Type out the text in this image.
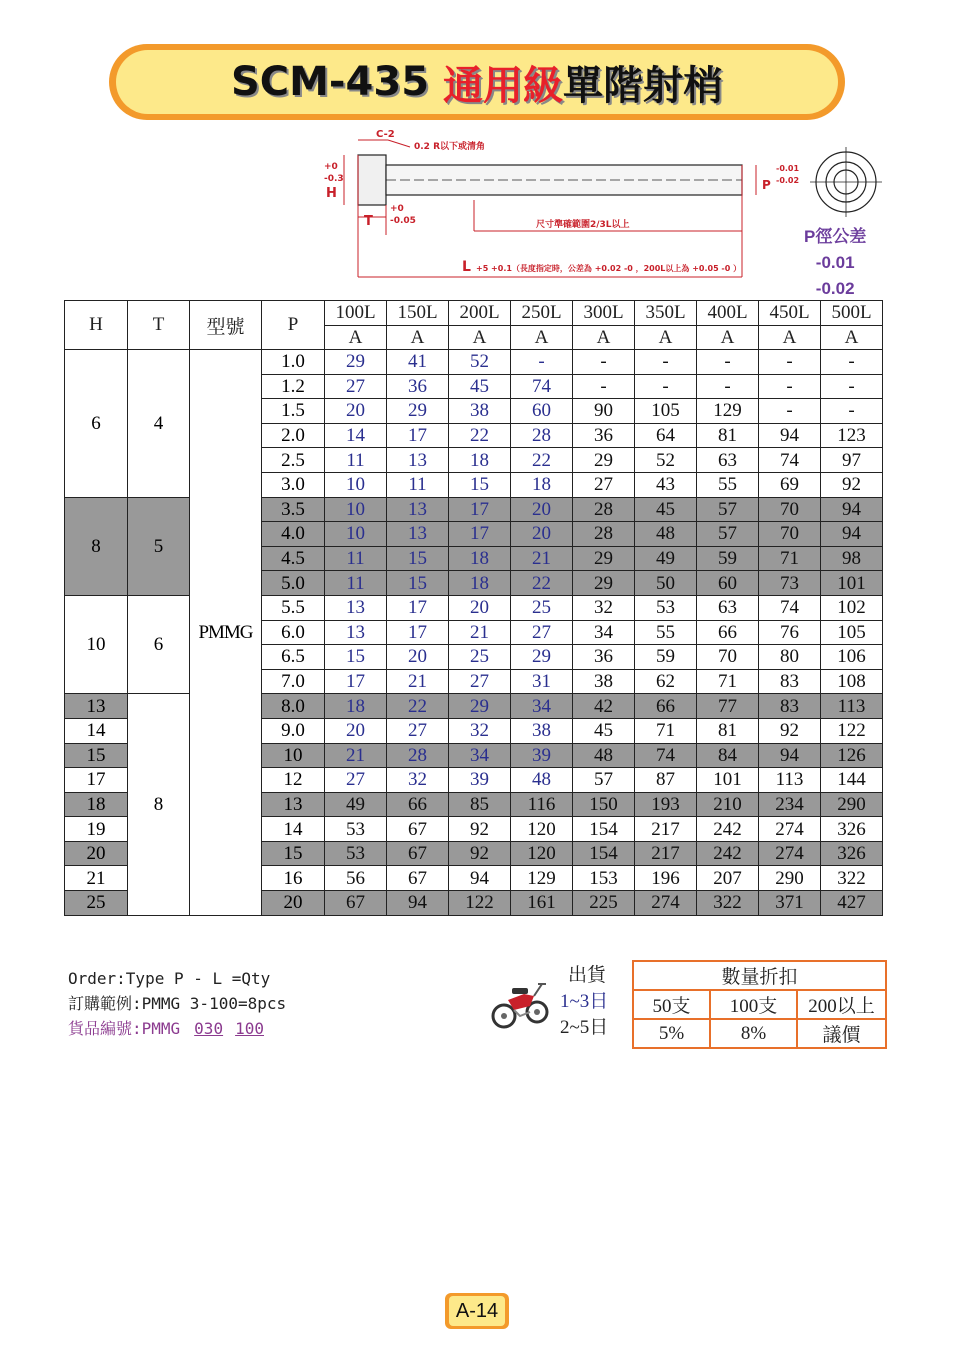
SCM-435 通用級 單階射梢
C-2
0.2 R以下或清角
+0
-0.3
H
T
+0
-0.05	尺寸準確範圍2/3L以上
L +5 +0.1（長度指定時，公差為 +0.02 -0 ，200L以上為 +0.05 -0 ）
P
-0.01
-0.02
P徑公差
-0.01
-0.02
H	T	型號	P	100L	150L	200L	250L	300L	350L	400L	450L	500L
				A	A	A	A	A	A	A	A	A
6	4	PMMG	1.0	29	41	52	-	-	-	-	-	-
			1.2	27	36	45	74	-	-	-	-	-
			1.5	20	29	38	60	90	105	129	-	-
			2.0	14	17	22	28	36	64	81	94	123
			2.5	11	13	18	22	29	52	63	74	97
			3.0	10	11	15	18	27	43	55	69	92
8	5		3.5	10	13	17	20	28	45	57	70	94
			4.0	10	13	17	20	28	48	57	70	94
			4.5	11	15	18	21	29	49	59	71	98
			5.0	11	15	18	22	29	50	60	73	101
10	6		5.5	13	17	20	25	32	53	63	74	102
			6.0	13	17	21	27	34	55	66	76	105
			6.5	15	20	25	29	36	59	70	80	106
			7.0	17	21	27	31	38	62	71	83	108
13	8		8.0	18	22	29	34	42	66	77	83	113
14			9.0	20	27	32	38	45	71	81	92	122
15			10	21	28	34	39	48	74	84	94	126
17			12	27	32	39	48	57	87	101	113	144
18			13	49	66	85	116	150	193	210	234	290
19			14	53	67	92	120	154	217	242	274	326
20			15	53	67	92	120	154	217	242	274	326
21			16	56	67	94	129	153	196	207	290	322
25			20	67	94	122	161	225	274	322	371	427
Order:Type P - L =Qty
訂購範例:PMMG 3-100=8pcs
貨品編號:PMMG 030 100
出貨
1~3日
2~5日
數量折扣		
50支	100支	200以上
5%	8%	議價
A-14
